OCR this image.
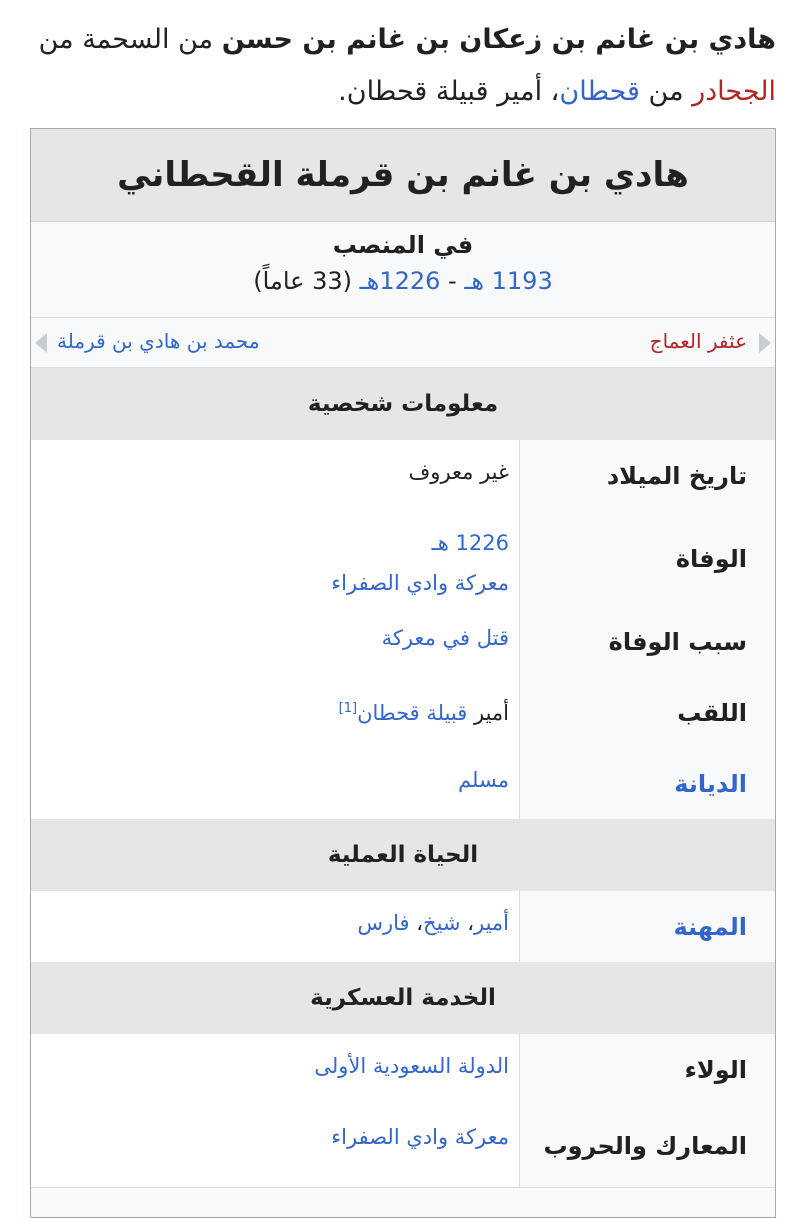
هادي بن غانم بن زعكان بن غانم بن حسن من السحمة من الجحادر من قحطان، أمير قبيلة قحطان.
هادي بن غانم بن قرملة القحطاني
في المنصب
1193 هـ - 1226هـ (33 عاماً)
عثفر العماج
محمد بن هادي بن قرملة
معلومات شخصية
تاريخ الميلاد
غير معروف
الوفاة
1226 هـ
معركة وادي الصفراء
سبب الوفاة
قتل في معركة
اللقب
أمير قبيلة قحطان[1]
الديانة
مسلم
الحياة العملية
المهنة
أمير، شيخ، فارس
الخدمة العسكرية
الولاء
الدولة السعودية الأولى
المعارك والحروب
معركة وادي الصفراء
